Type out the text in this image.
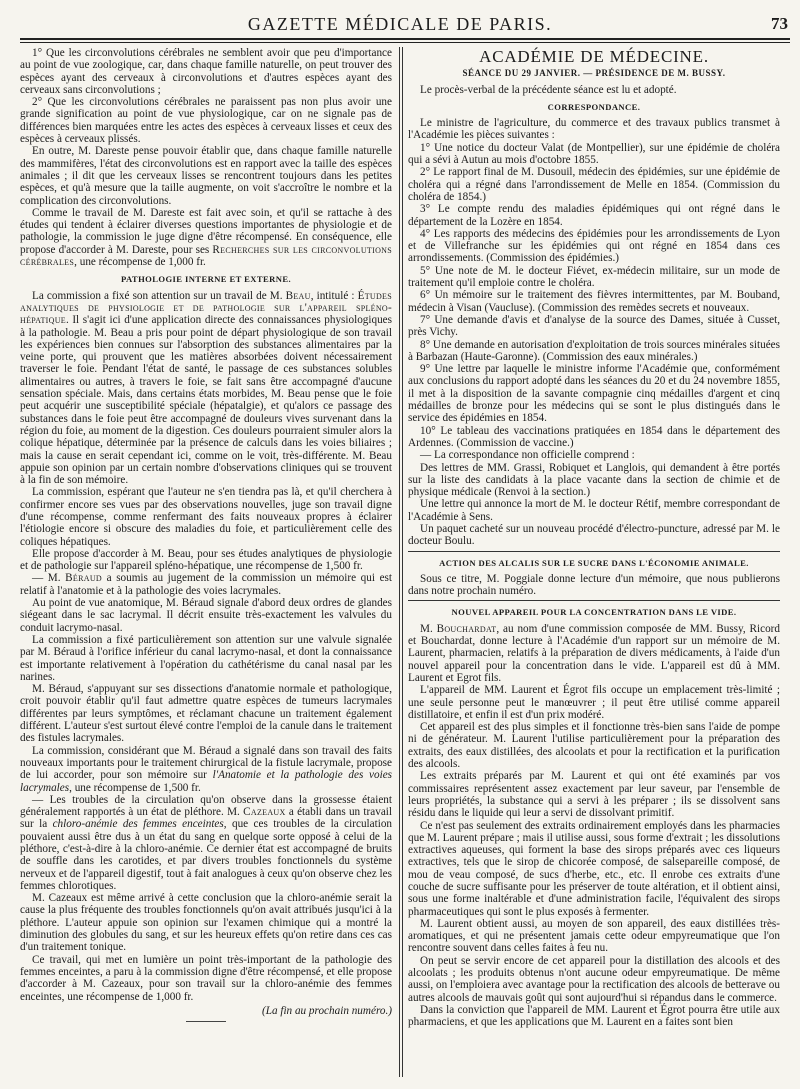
GAZETTE MÉDICALE DE PARIS.	73

1° Que les circonvolutions cérébrales ne semblent avoir que peu d'importance au point de vue zoologique, car, dans chaque famille naturelle, on peut trouver des espèces ayant des cerveaux à circonvolutions et d'autres espèces ayant des cerveaux sans circonvolutions ;

2° Que les circonvolutions cérébrales ne paraissent pas non plus avoir une grande signification au point de vue physiologique, car on ne signale pas de différences bien marquées entre les actes des espèces à cerveaux lisses et ceux des espèces à cerveaux plissés.

En outre, M. Dareste pense pouvoir établir que, dans chaque famille naturelle des mammifères, l'état des circonvolutions est en rapport avec la taille des espèces animales ; il dit que les cerveaux lisses se rencontrent toujours dans les petites espèces, et qu'à mesure que la taille augmente, on voit s'accroître le nombre et la complication des circonvolutions.

Comme le travail de M. Dareste est fait avec soin, et qu'il se rattache à des études qui tendent à éclairer diverses questions importantes de physiologie et de pathologie, la commission le juge digne d'être récompensé. En conséquence, elle propose d'accorder à M. Dareste, pour ses Recherches sur les circonvolutions cérébrales, une récompense de 1,000 fr.

PATHOLOGIE INTERNE ET EXTERNE.

La commission a fixé son attention sur un travail de M. Beau, intitulé : Études analytiques de physiologie et de pathologie sur l'appareil spléno-hépatique. Il s'agit ici d'une application directe des connaissances physiologiques à la pathologie. M. Beau a pris pour point de départ physiologique de son travail les expériences bien connues sur l'absorption des substances alimentaires par la veine porte, qui prouvent que les matières absorbées doivent nécessairement traverser le foie. Pendant l'état de santé, le passage de ces substances solubles alimentaires ou autres, à travers le foie, se fait sans être accompagné d'aucune sensation spéciale. Mais, dans certains états morbides, M. Beau pense que le foie peut acquérir une susceptibilité spéciale (hépatalgie), et qu'alors ce passage des substances dans le foie peut être accompagné de douleurs vives survenant dans la région du foie, au moment de la digestion. Ces douleurs pourraient simuler alors la colique hépatique, déterminée par la présence de calculs dans les voies biliaires ; mais la cause en serait cependant ici, comme on le voit, très-différente. M. Beau appuie son opinion par un certain nombre d'observations cliniques qui se trouvent à la fin de son mémoire.

La commission, espérant que l'auteur ne s'en tiendra pas là, et qu'il cherchera à confirmer encore ses vues par des observations nouvelles, juge son travail digne d'une récompense, comme renfermant des faits nouveaux propres à éclairer l'étiologie encore si obscure des maladies du foie, et particulièrement celle des coliques hépatiques.

Elle propose d'accorder à M. Beau, pour ses études analytiques de physiologie et de pathologie sur l'appareil spléno-hépatique, une récompense de 1,500 fr.

— M. Béraud a soumis au jugement de la commission un mémoire qui est relatif à l'anatomie et à la pathologie des voies lacrymales.

Au point de vue anatomique, M. Béraud signale d'abord deux ordres de glandes siégeant dans le sac lacrymal. Il décrit ensuite très-exactement les valvules du conduit lacrymo-nasal.

La commission a fixé particulièrement son attention sur une valvule signalée par M. Béraud à l'orifice inférieur du canal lacrymo-nasal, et dont la connaissance est importante relativement à l'opération du cathétérisme du canal nasal par les narines.

M. Béraud, s'appuyant sur ses dissections d'anatomie normale et pathologique, croit pouvoir établir qu'il faut admettre quatre espèces de tumeurs lacrymales différentes par leurs symptômes, et réclamant chacune un traitement également différent. L'auteur s'est surtout élevé contre l'emploi de la canule dans le traitement des fistules lacrymales.

La commission, considérant que M. Béraud a signalé dans son travail des faits nouveaux importants pour le traitement chirurgical de la fistule lacrymale, propose de lui accorder, pour son mémoire sur l'Anatomie et la pathologie des voies lacrymales, une récompense de 1,500 fr.

— Les troubles de la circulation qu'on observe dans la grossesse étaient généralement rapportés à un état de pléthore. M. Cazeaux a établi dans un travail sur la chloro-anémie des femmes enceintes, que ces troubles de la circulation pouvaient aussi être dus à un état du sang en quelque sorte opposé à celui de la pléthore, c'est-à-dire à la chloro-anémie. Ce dernier état est accompagné de bruits de souffle dans les carotides, et par divers troubles fonctionnels du système nerveux et de l'appareil digestif, tout à fait analogues à ceux qu'on observe chez les femmes chlorotiques.

M. Cazeaux est même arrivé à cette conclusion que la chloro-anémie serait la cause la plus fréquente des troubles fonctionnels qu'on avait attribués jusqu'ici à la pléthore. L'auteur appuie son opinion sur l'examen chimique qui a montré la diminution des globules du sang, et sur les heureux effets qu'on retire dans ces cas d'un traitement tonique.

Ce travail, qui met en lumière un point très-important de la pathologie des femmes enceintes, a paru à la commission digne d'être récompensé, et elle propose d'accorder à M. Cazeaux, pour son travail sur la chloro-anémie des femmes enceintes, une récompense de 1,000 fr.

(La fin au prochain numéro.)
ACADÉMIE DE MÉDECINE.
SÉANCE DU 29 JANVIER. — PRÉSIDENCE DE M. BUSSY.

Le procès-verbal de la précédente séance est lu et adopté.

CORRESPONDANCE.

Le ministre de l'agriculture, du commerce et des travaux publics transmet à l'Académie les pièces suivantes :

1° Une notice du docteur Valat (de Montpellier), sur une épidémie de choléra qui a sévi à Autun au mois d'octobre 1855.

2° Le rapport final de M. Dusouil, médecin des épidémies, sur une épidémie de choléra qui a régné dans l'arrondissement de Melle en 1854. (Commission du choléra de 1854.)

3° Le compte rendu des maladies épidémiques qui ont régné dans le département de la Lozère en 1854.

4° Les rapports des médecins des épidémies pour les arrondissements de Lyon et de Villefranche sur les épidémies qui ont régné en 1854 dans ces arrondissements. (Commission des épidémies.)

5° Une note de M. le docteur Fiévet, ex-médecin militaire, sur un mode de traitement qu'il emploie contre le choléra.

6° Un mémoire sur le traitement des fièvres intermittentes, par M. Bouband, médecin à Visan (Vaucluse). (Commission des remèdes secrets et nouveaux.

7° Une demande d'avis et d'analyse de la source des Dames, située à Cusset, près Vichy.

8° Une demande en autorisation d'exploitation de trois sources minérales situées à Barbazan (Haute-Garonne). (Commission des eaux minérales.)

9° Une lettre par laquelle le ministre informe l'Académie que, conformément aux conclusions du rapport adopté dans les séances du 20 et du 24 novembre 1855, il met à la disposition de la savante compagnie cinq médailles d'argent et cinq médailles de bronze pour les médecins qui se sont le plus distingués dans le service des épidémies en 1854.

10° Le tableau des vaccinations pratiquées en 1854 dans le département des Ardennes. (Commission de vaccine.)

— La correspondance non officielle comprend :

Des lettres de MM. Grassi, Robiquet et Langlois, qui demandent à être portés sur la liste des candidats à la place vacante dans la section de chimie et de physique médicale (Renvoi à la section.)

Une lettre qui annonce la mort de M. le docteur Rétif, membre correspondant de l'Académie à Sens.

Un paquet cacheté sur un nouveau procédé d'électro-puncture, adressé par M. le docteur Boulu.

ACTION DES ALCALIS SUR LE SUCRE DANS L'ÉCONOMIE ANIMALE.

Sous ce titre, M. Poggiale donne lecture d'un mémoire, que nous publierons dans notre prochain numéro.

NOUVEL APPAREIL POUR LA CONCENTRATION DANS LE VIDE.

M. Bouchardat, au nom d'une commission composée de MM. Bussy, Ricord et Bouchardat, donne lecture à l'Académie d'un rapport sur un mémoire de M. Laurent, pharmacien, relatifs à la préparation de divers médicaments, à l'aide d'un nouvel appareil pour la concentration dans le vide. L'appareil est dû à MM. Laurent et Egrot fils.

L'appareil de MM. Laurent et Égrot fils occupe un emplacement très-limité ; une seule personne peut le manœuvrer ; il peut être utilisé comme appareil distillatoire, et enfin il est d'un prix modéré.

Cet appareil est des plus simples et il fonctionne très-bien sans l'aide de pompe ni de générateur. M. Laurent l'utilise particulièrement pour la préparation des extraits, des eaux distillées, des alcoolats et pour la rectification et la purification des alcools.

Les extraits préparés par M. Laurent et qui ont été examinés par vos commissaires représentent assez exactement par leur saveur, par l'ensemble de leurs propriétés, la substance qui a servi à les préparer ; ils se dissolvent sans résidu dans le liquide qui leur a servi de dissolvant primitif.

Ce n'est pas seulement des extraits ordinairement employés dans les pharmacies que M. Laurent prépare ; mais il utilise aussi, sous forme d'extrait ; les dissolutions extractives aqueuses, qui forment la base des sirops préparés avec ces liqueurs extractives, tels que le sirop de chicorée composé, de salsepareille composé, de mou de veau composé, de sucs d'herbe, etc., etc. Il enrobe ces extraits d'une couche de sucre suffisante pour les préserver de toute altération, et il obtient ainsi, sous une forme inaltérable et d'une administration facile, l'équivalent des sirops pharmaceutiques qui sont le plus exposés à fermenter.

M. Laurent obtient aussi, au moyen de son appareil, des eaux distillées très-aromatiques, et qui ne présentent jamais cette odeur empyreumatique que l'on rencontre souvent dans celles faites à feu nu.

On peut se servir encore de cet appareil pour la distillation des alcools et des alcoolats ; les produits obtenus n'ont aucune odeur empyreumatique. De même aussi, on l'emploiera avec avantage pour la rectification des alcools de betterave ou autres alcools de mauvais goût qui sont aujourd'hui si répandus dans le commerce.

Dans la conviction que l'appareil de MM. Laurent et Égrot pourra être utile aux pharmaciens, et que les applications que M. Laurent en a faites sont bien
